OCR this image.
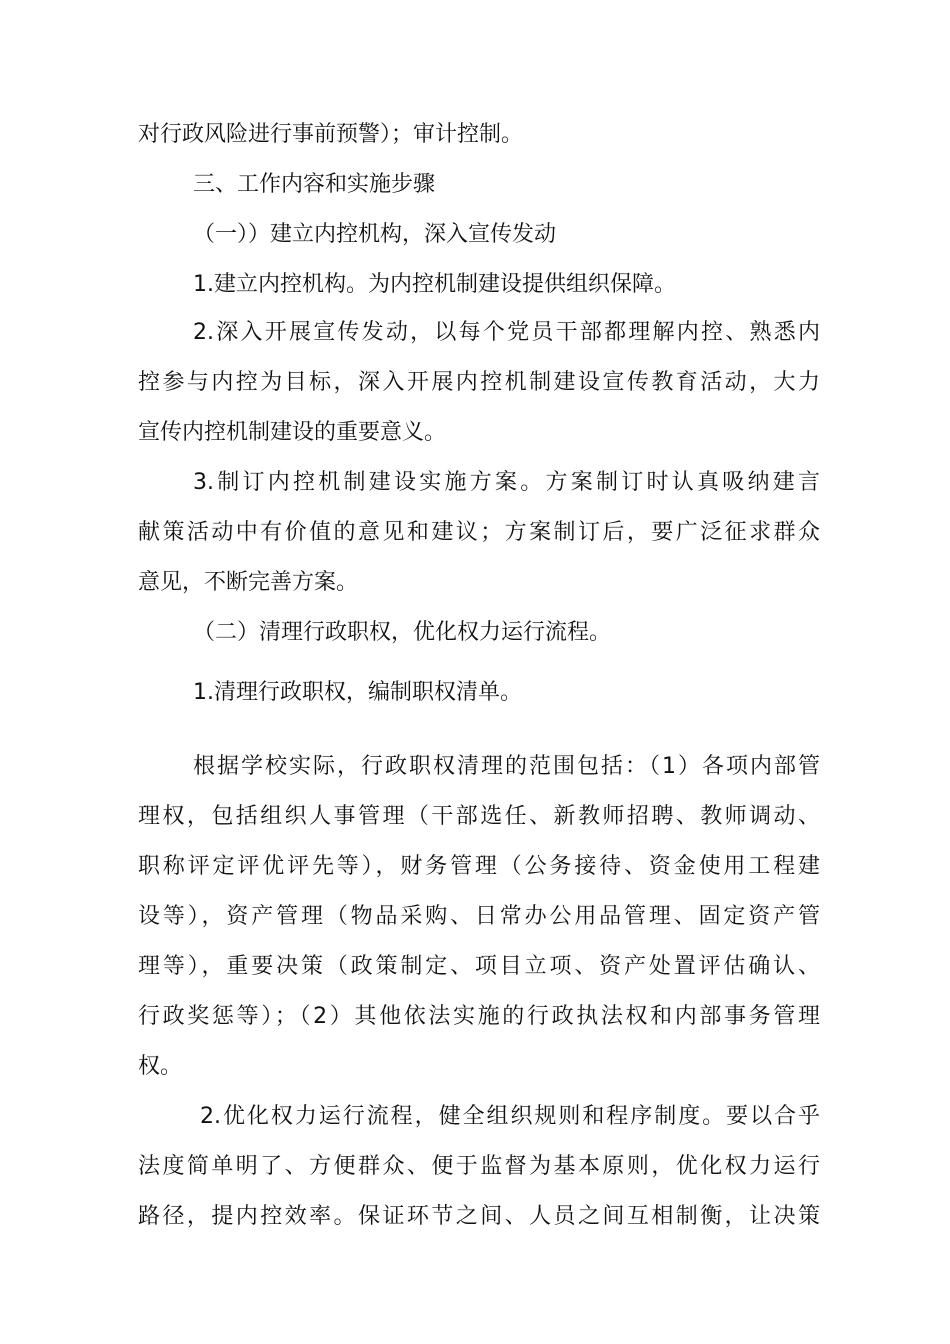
对行政风险进行事前预警）；审计控制。

三、工作内容和实施步骤

（一））建立内控机构，深入宣传发动

1.建立内控机构。为内控机制建设提供组织保障。

2.深入开展宣传发动，以每个党员干部都理解内控、熟悉内

控参与内控为目标，深入开展内控机制建设宣传教育活动，大力

宣传内控机制建设的重要意义。

3.制订内控机制建设实施方案。方案制订时认真吸纳建言

献策活动中有价值的意见和建议；方案制订后，要广泛征求群众

意见，不断完善方案。

（二）清理行政职权，优化权力运行流程。

1.清理行政职权，编制职权清单。

根据学校实际，行政职权清理的范围包括：（1）各项内部管

理权，包括组织人事管理（干部选任、新教师招聘、教师调动、

职称评定评优评先等），财务管理（公务接待、资金使用工程建

设等），资产管理（物品采购、日常办公用品管理、固定资产管

理等），重要决策（政策制定、项目立项、资产处置评估确认、

行政奖惩等）；（2）其他依法实施的行政执法权和内部事务管理

权。

2.优化权力运行流程，健全组织规则和程序制度。要以合乎

法度简单明了、方便群众、便于监督为基本原则，优化权力运行

路径，提内控效率。保证环节之间、人员之间互相制衡，让决策
